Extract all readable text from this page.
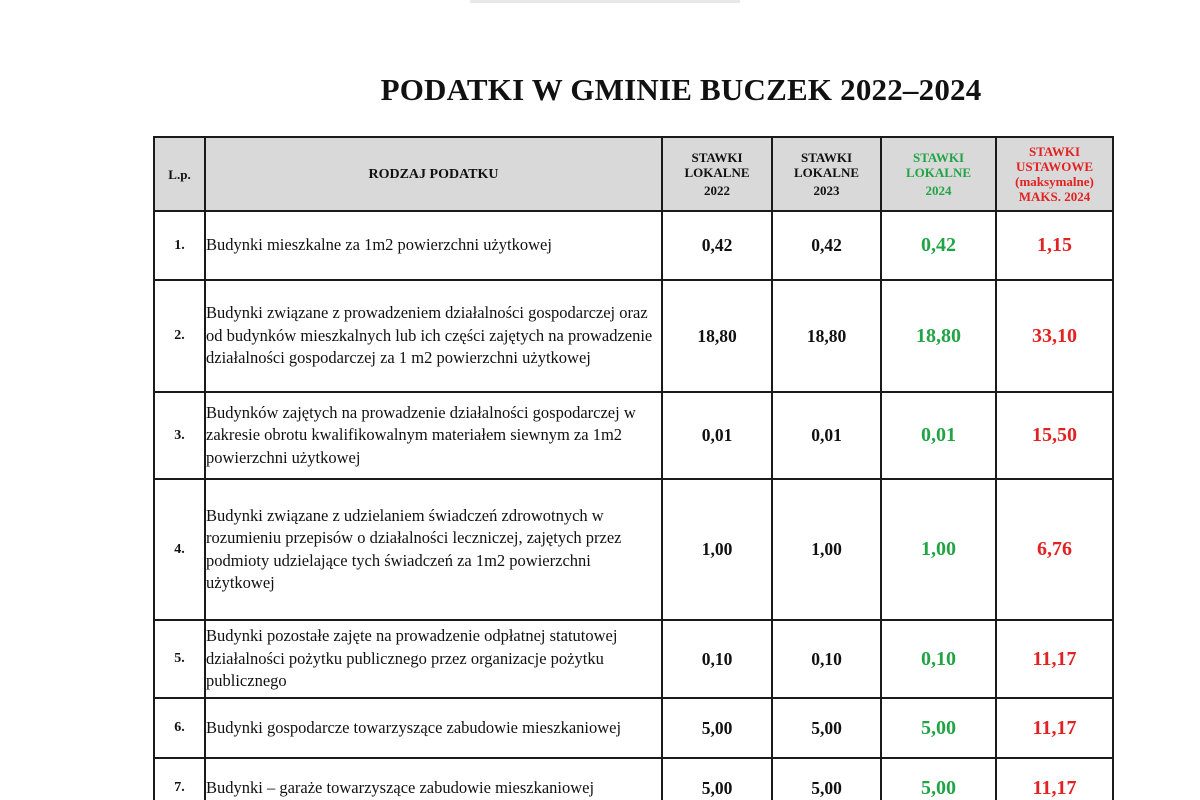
PODATKI W GMINIE BUCZEK 2022–2024
L.p.	RODZAJ PODATKU	STAWKI
LOKALNE
2022	STAWKI
LOKALNE
2023	STAWKI
LOKALNE
2024	STAWKI
USTAWOWE
(maksymalne)
MAKS. 2024

1.	Budynki mieszkalne za 1m2 powierzchni użytkowej	0,42	0,42	0,42	1,15
2.	Budynki związane z prowadzeniem działalności gospodarczej oraz od budynków mieszkalnych lub ich części zajętych na prowadzenie działalności gospodarczej za 1 m2 powierzchni użytkowej	18,80	18,80	18,80	33,10
3.	Budynków zajętych na prowadzenie działalności gospodarczej w zakresie obrotu kwalifikowalnym materiałem siewnym za 1m2 powierzchni użytkowej	0,01	0,01	0,01	15,50
4.	Budynki związane z udzielaniem świadczeń zdrowotnych w rozumieniu przepisów o działalności leczniczej, zajętych przez podmioty udzielające tych świadczeń za 1m2 powierzchni użytkowej	1,00	1,00	1,00	6,76
5.	Budynki pozostałe zajęte na prowadzenie odpłatnej statutowej działalności pożytku publicznego przez organizacje pożytku publicznego	0,10	0,10	0,10	11,17
6.	Budynki gospodarcze towarzyszące zabudowie mieszkaniowej	5,00	5,00	5,00	11,17
7.	Budynki – garaże towarzyszące zabudowie mieszkaniowej	5,00	5,00	5,00	11,17
